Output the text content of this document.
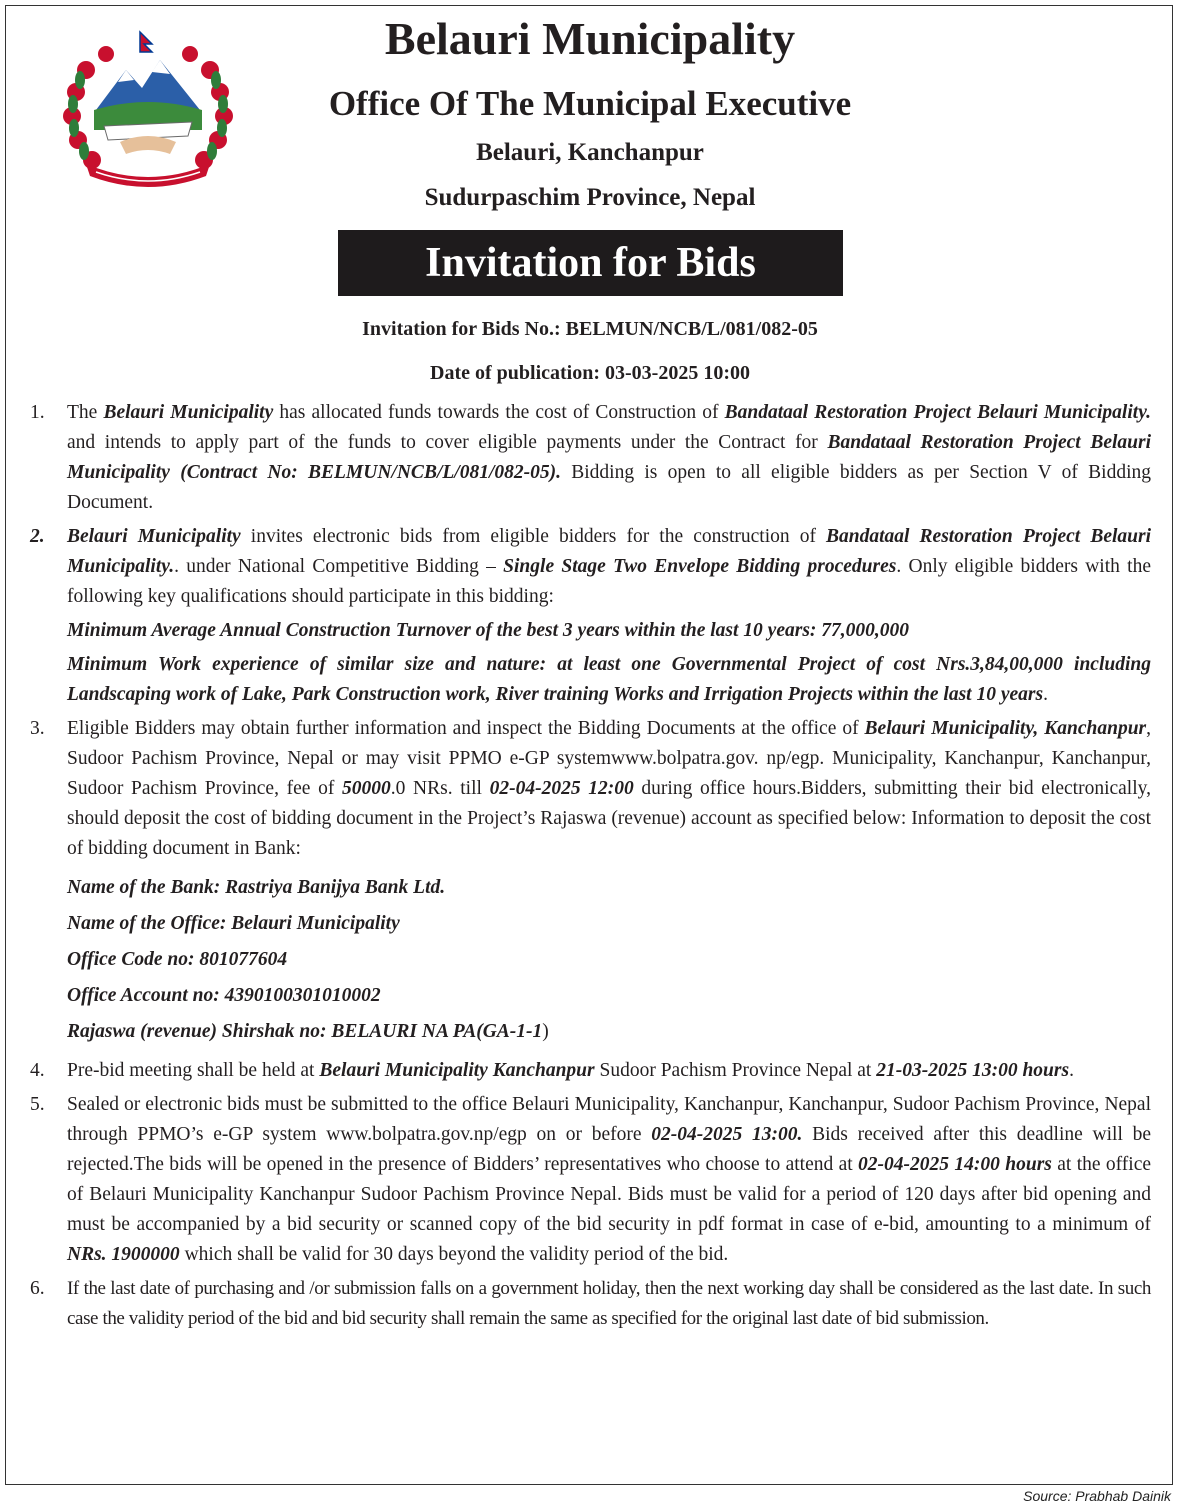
Belauri Municipality
Office Of The Municipal Executive
Belauri, Kanchanpur
Sudurpaschim Province, Nepal
Invitation for Bids
Invitation for Bids No.: BELMUN/NCB/L/081/082-05
Date of publication: 03-03-2025 10:00
1.	The Belauri Municipality has allocated funds towards the cost of Construction of Bandataal Restoration Project Belauri Municipality. and intends to apply part of the funds to cover eligible payments under the Contract for Bandataal Restoration Project Belauri Municipality (Contract No: BELMUN/NCB/L/081/082-05). Bidding is open to all eligible bidders as per Section V of Bidding Document.
2.	Belauri Municipality invites electronic bids from eligible bidders for the construction of Bandataal Restoration Project Belauri Municipality.. under National Competitive Bidding – Single Stage Two Envelope Bidding procedures. Only eligible bidders with the following key qualifications should participate in this bidding:
Minimum Average Annual Construction Turnover of the best 3 years within the last 10 years: 77,000,000
Minimum Work experience of similar size and nature: at least one Governmental Project of cost Nrs.3,84,00,000 including Landscaping work of Lake, Park Construction work, River training Works and Irrigation Projects within the last 10 years.
3.	Eligible Bidders may obtain further information and inspect the Bidding Documents at the office of Belauri Municipality, Kanchanpur, Sudoor Pachism Province, Nepal or may visit PPMO e-GP systemwww.bolpatra.gov. np/egp. Municipality, Kanchanpur, Kanchanpur, Sudoor Pachism Province, fee of 50000.0 NRs. till 02-04-2025 12:00 during office hours.Bidders, submitting their bid electronically, should deposit the cost of bidding document in the Project’s Rajaswa (revenue) account as specified below: Information to deposit the cost of bidding document in Bank:
Name of the Bank: Rastriya Banijya Bank Ltd.
Name of the Office: Belauri Municipality
Office Code no: 801077604
Office Account no: 4390100301010002
Rajaswa (revenue) Shirshak no: BELAURI NA PA(GA-1-1)
4.	Pre-bid meeting shall be held at Belauri Municipality Kanchanpur Sudoor Pachism Province Nepal at 21-03-2025 13:00 hours.
5.	Sealed or electronic bids must be submitted to the office Belauri Municipality, Kanchanpur, Kanchanpur, Sudoor Pachism Province, Nepal through PPMO’s e-GP system www.bolpatra.gov.np/egp on or before 02-04-2025 13:00. Bids received after this deadline will be rejected.The bids will be opened in the presence of Bidders’ representatives who choose to attend at 02-04-2025 14:00 hours at the office of Belauri Municipality Kanchanpur Sudoor Pachism Province Nepal. Bids must be valid for a period of 120 days after bid opening and must be accompanied by a bid security or scanned copy of the bid security in pdf format in case of e-bid, amounting to a minimum of NRs. 1900000 which shall be valid for 30 days beyond the validity period of the bid.
6.	If the last date of purchasing and /or submission falls on a government holiday, then the next working day shall be considered as the last date. In such case the validity period of the bid and bid security shall remain the same as specified for the original last date of bid submission.
Source: Prabhab Dainik
